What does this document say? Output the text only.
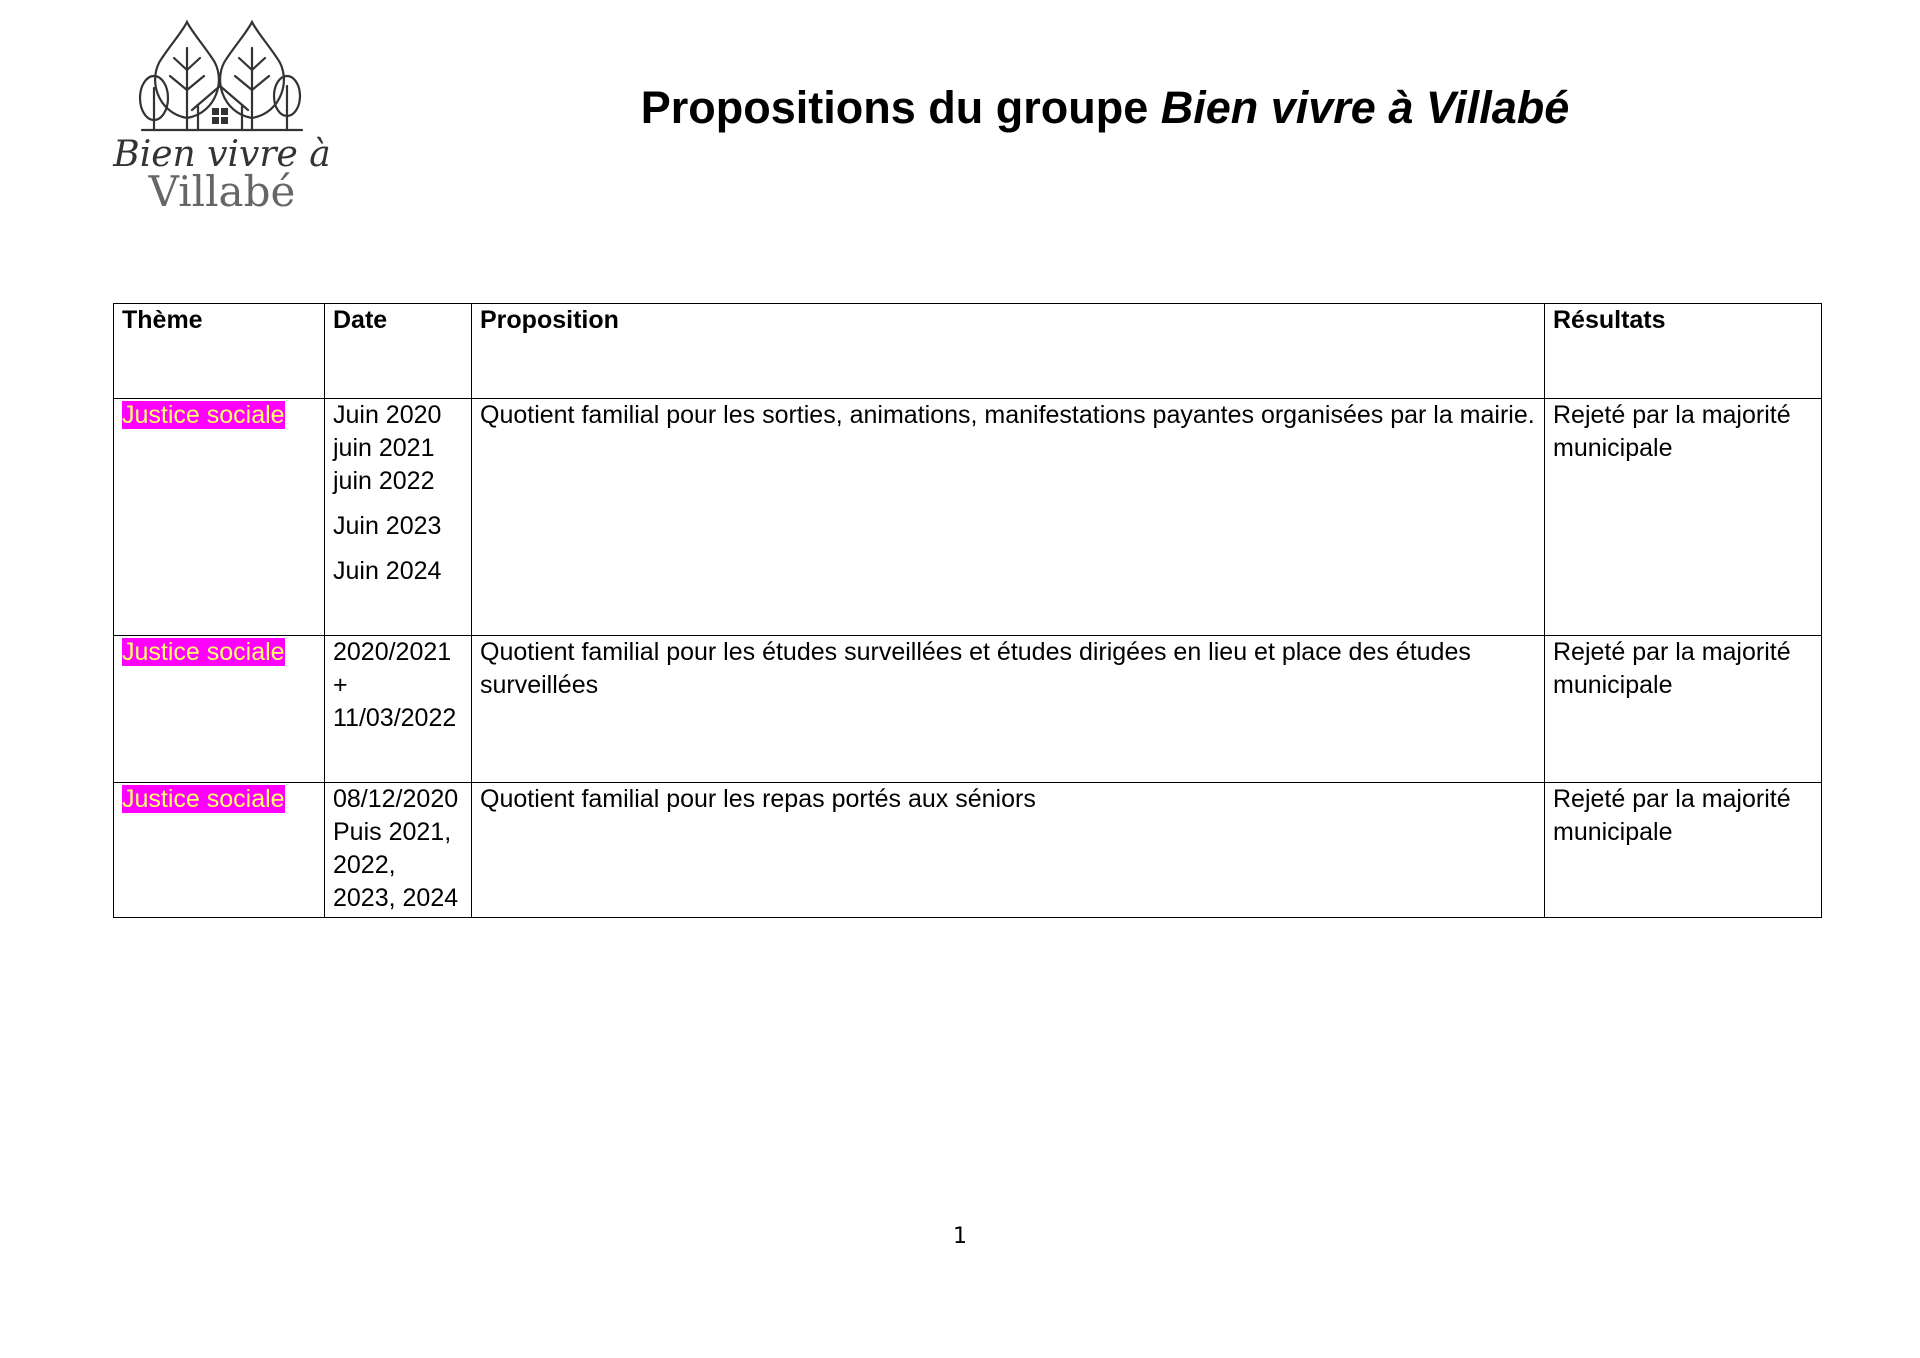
Bien vivre à
Villabé
Propositions du groupe Bien vivre à Villabé
Thème	Date	Proposition	Résultats
Justice sociale	Juin 2020
juin 2021
juin 2022
Juin 2023
Juin 2024	Quotient familial pour les sorties, animations, manifestations payantes organisées par la mairie.	Rejeté par la majorité municipale
Justice sociale	2020/2021
+
11/03/2022	Quotient familial pour les études surveillées et études dirigées en lieu et place des études surveillées	Rejeté par la majorité municipale
Justice sociale	08/12/2020
Puis 2021,
2022,
2023, 2024	Quotient familial pour les repas portés aux séniors	Rejeté par la majorité municipale
1
